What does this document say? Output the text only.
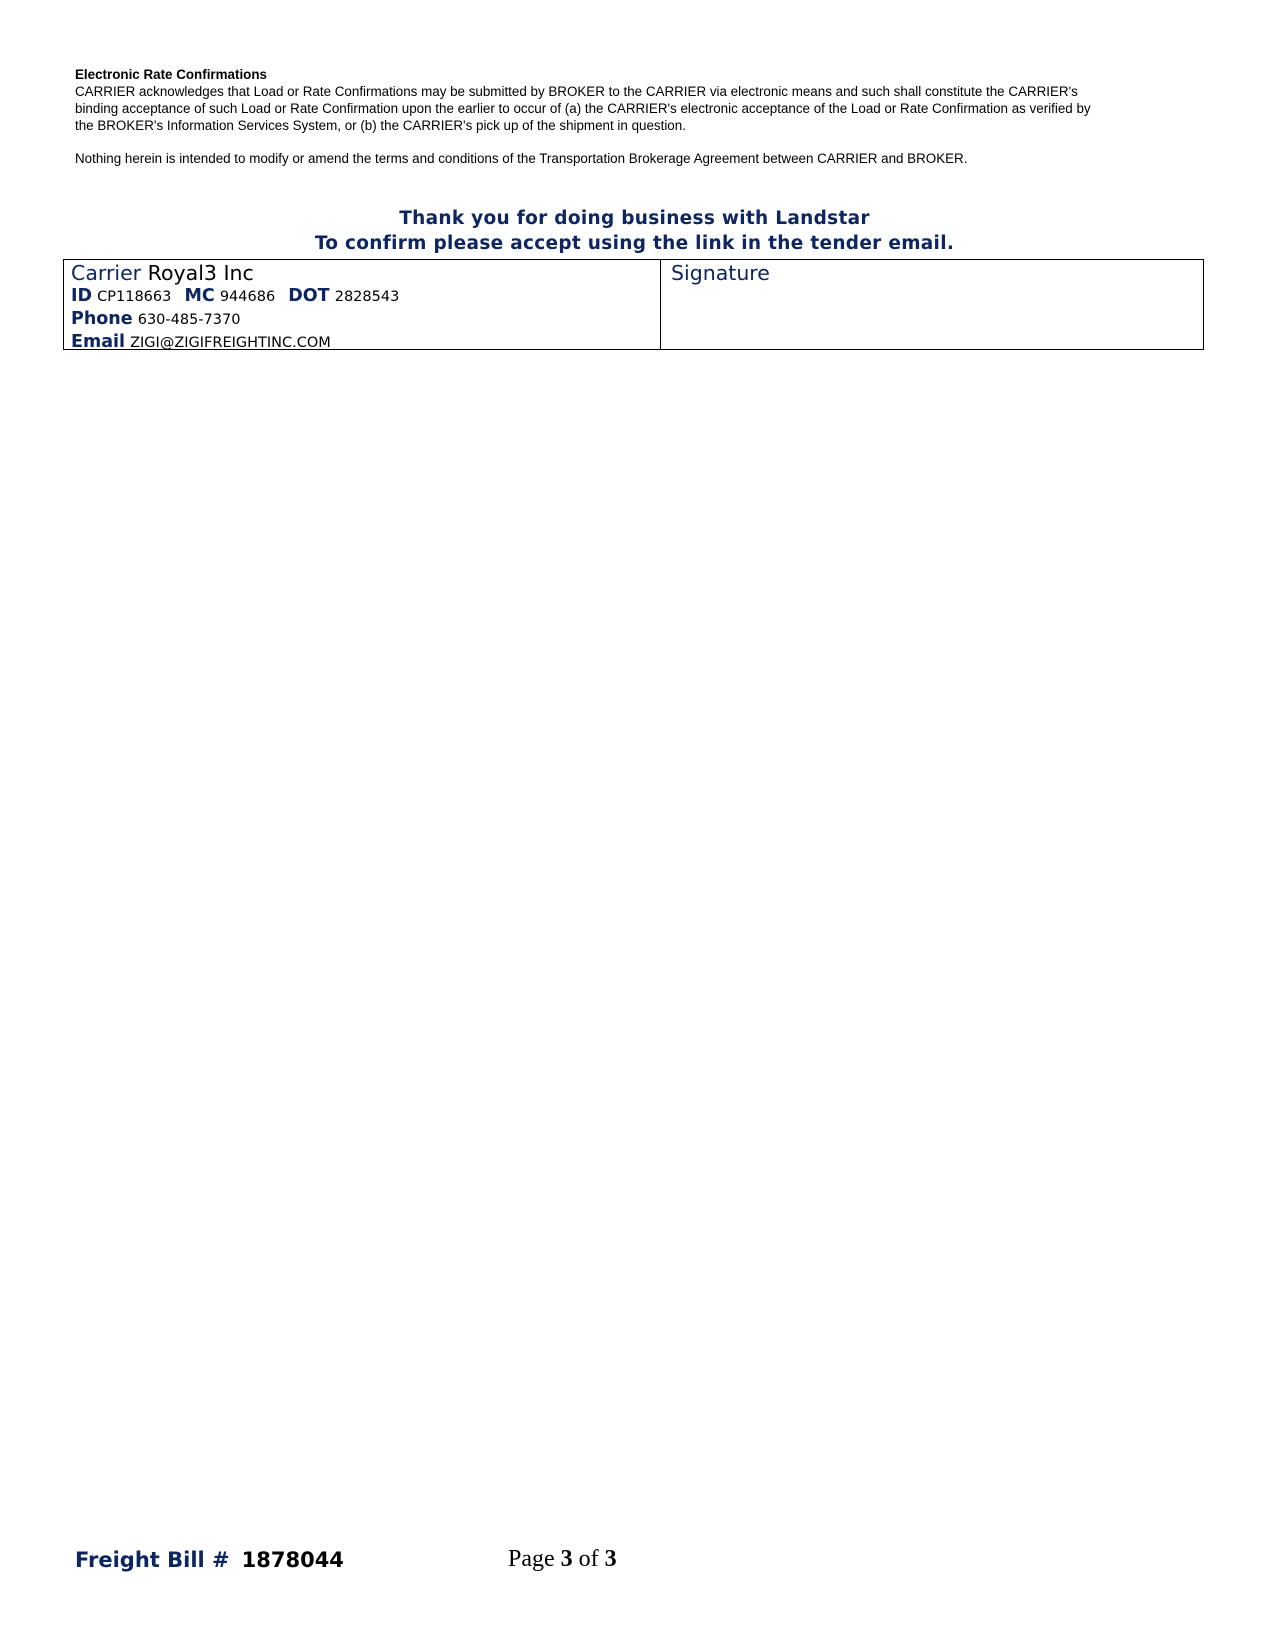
Electronic Rate Confirmations

CARRIER acknowledges that Load or Rate Confirmations may be submitted by BROKER to the CARRIER via electronic means and such shall constitute the CARRIER's
binding acceptance of such Load or Rate Confirmation upon the earlier to occur of (a) the CARRIER's electronic acceptance of the Load or Rate Confirmation as verified by
the BROKER's Information Services System, or (b) the CARRIER's pick up of the shipment in question.

Nothing herein is intended to modify or amend the terms and conditions of the Transportation Brokerage Agreement between CARRIER and BROKER.

Thank you for doing business with Landstar
To confirm please accept using the link in the tender email.
Carrier Royal3 Inc
ID CP118663 MC 944686 DOT 2828543
Phone 630-485-7370
Email ZIGI@ZIGIFREIGHTINC.COM
Signature
Freight Bill # 1878044	Page 3 of 3
